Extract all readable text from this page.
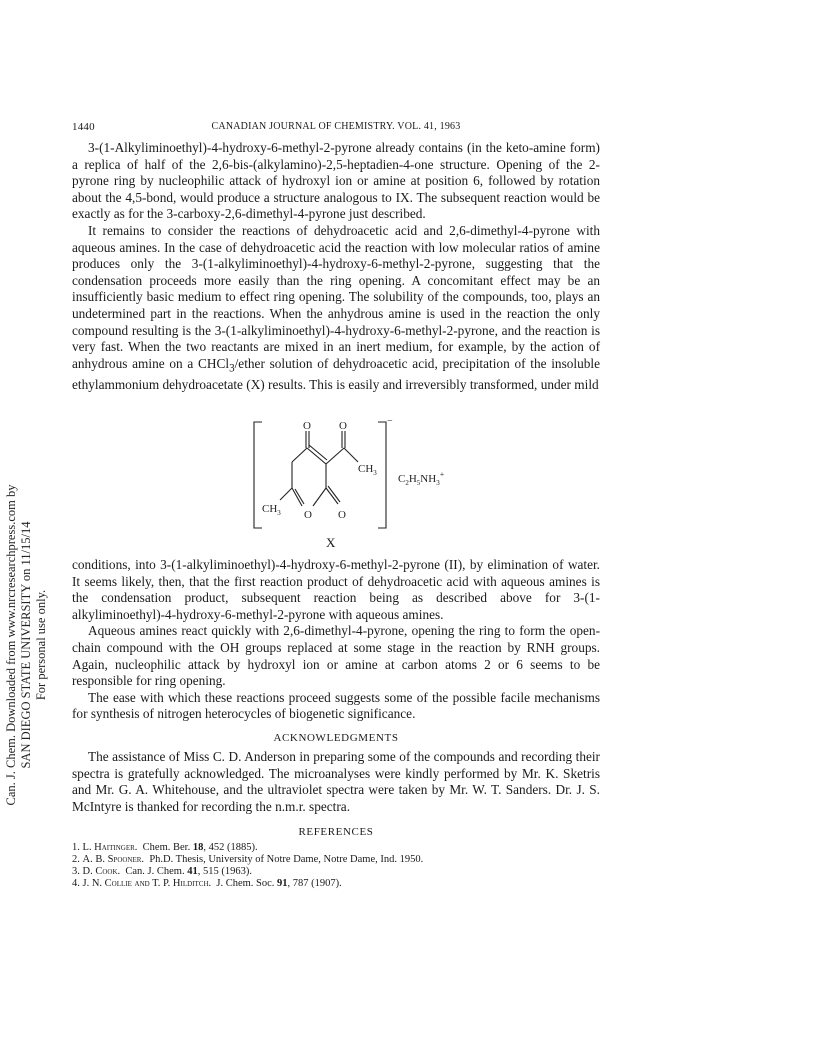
Can. J. Chem. Downloaded from www.nrcresearchpress.com by SAN DIEGO STATE UNIVERSITY on 11/15/14 For personal use only.
1440	CANADIAN JOURNAL OF CHEMISTRY. VOL. 41, 1963

3-(1-Alkyliminoethyl)-4-hydroxy-6-methyl-2-pyrone already contains (in the keto-amine form) a replica of half of the 2,6-bis-(alkylamino)-2,5-heptadien-4-one structure. Opening of the 2-pyrone ring by nucleophilic attack of hydroxyl ion or amine at position 6, followed by rotation about the 4,5-bond, would produce a structure analogous to IX. The subsequent reaction would be exactly as for the 3-carboxy-2,6-dimethyl-4-pyrone just described.

It remains to consider the reactions of dehydroacetic acid and 2,6-dimethyl-4-pyrone with aqueous amines. In the case of dehydroacetic acid the reaction with low molecular ratios of amine produces only the 3-(1-alkyliminoethyl)-4-hydroxy-6-methyl-2-pyrone, suggesting that the condensation proceeds more easily than the ring opening. A concomitant effect may be an insufficiently basic medium to effect ring opening. The solubility of the compounds, too, plays an undetermined part in the reactions. When the anhydrous amine is used in the reaction the only compound resulting is the 3-(1-alkyliminoethyl)-4-hydroxy-6-methyl-2-pyrone, and the reaction is very fast. When the two reactants are mixed in an inert medium, for example, by the action of anhydrous amine on a CHCl$_3$/ether solution of dehydroacetic acid, precipitation of the insoluble ethylammonium dehydroacetate (X) results. This is easily and irreversibly transformed, under mild

O	O
$CH_3$
$CH_3$ O O
−
$C_2H_5NH_3^+$
X

conditions, into 3-(1-alkyliminoethyl)-4-hydroxy-6-methyl-2-pyrone (II), by elimination of water. It seems likely, then, that the first reaction product of dehydroacetic acid with aqueous amines is the condensation product, subsequent reaction being as described above for 3-(1-alkyliminoethyl)-4-hydroxy-6-methyl-2-pyrone with aqueous amines.

Aqueous amines react quickly with 2,6-dimethyl-4-pyrone, opening the ring to form the open-chain compound with the OH groups replaced at some stage in the reaction by RNH groups. Again, nucleophilic attack by hydroxyl ion or amine at carbon atoms 2 or 6 seems to be responsible for ring opening.

The ease with which these reactions proceed suggests some of the possible facile mechanisms for synthesis of nitrogen heterocycles of biogenetic significance.

ACKNOWLEDGMENTS

The assistance of Miss C. D. Anderson in preparing some of the compounds and recording their spectra is gratefully acknowledged. The microanalyses were kindly performed by Mr. K. Sketris and Mr. G. A. Whitehouse, and the ultraviolet spectra were taken by Mr. W. T. Sanders. Dr. J. S. McIntyre is thanked for recording the n.m.r. spectra.

REFERENCES
1. L. Haitinger. Chem. Ber. 18, 452 (1885).
2. A. B. Spooner. Ph.D. Thesis, University of Notre Dame, Notre Dame, Ind. 1950.
3. D. Cook. Can. J. Chem. 41, 515 (1963).
4. J. N. Collie and T. P. Hilditch. J. Chem. Soc. 91, 787 (1907).
